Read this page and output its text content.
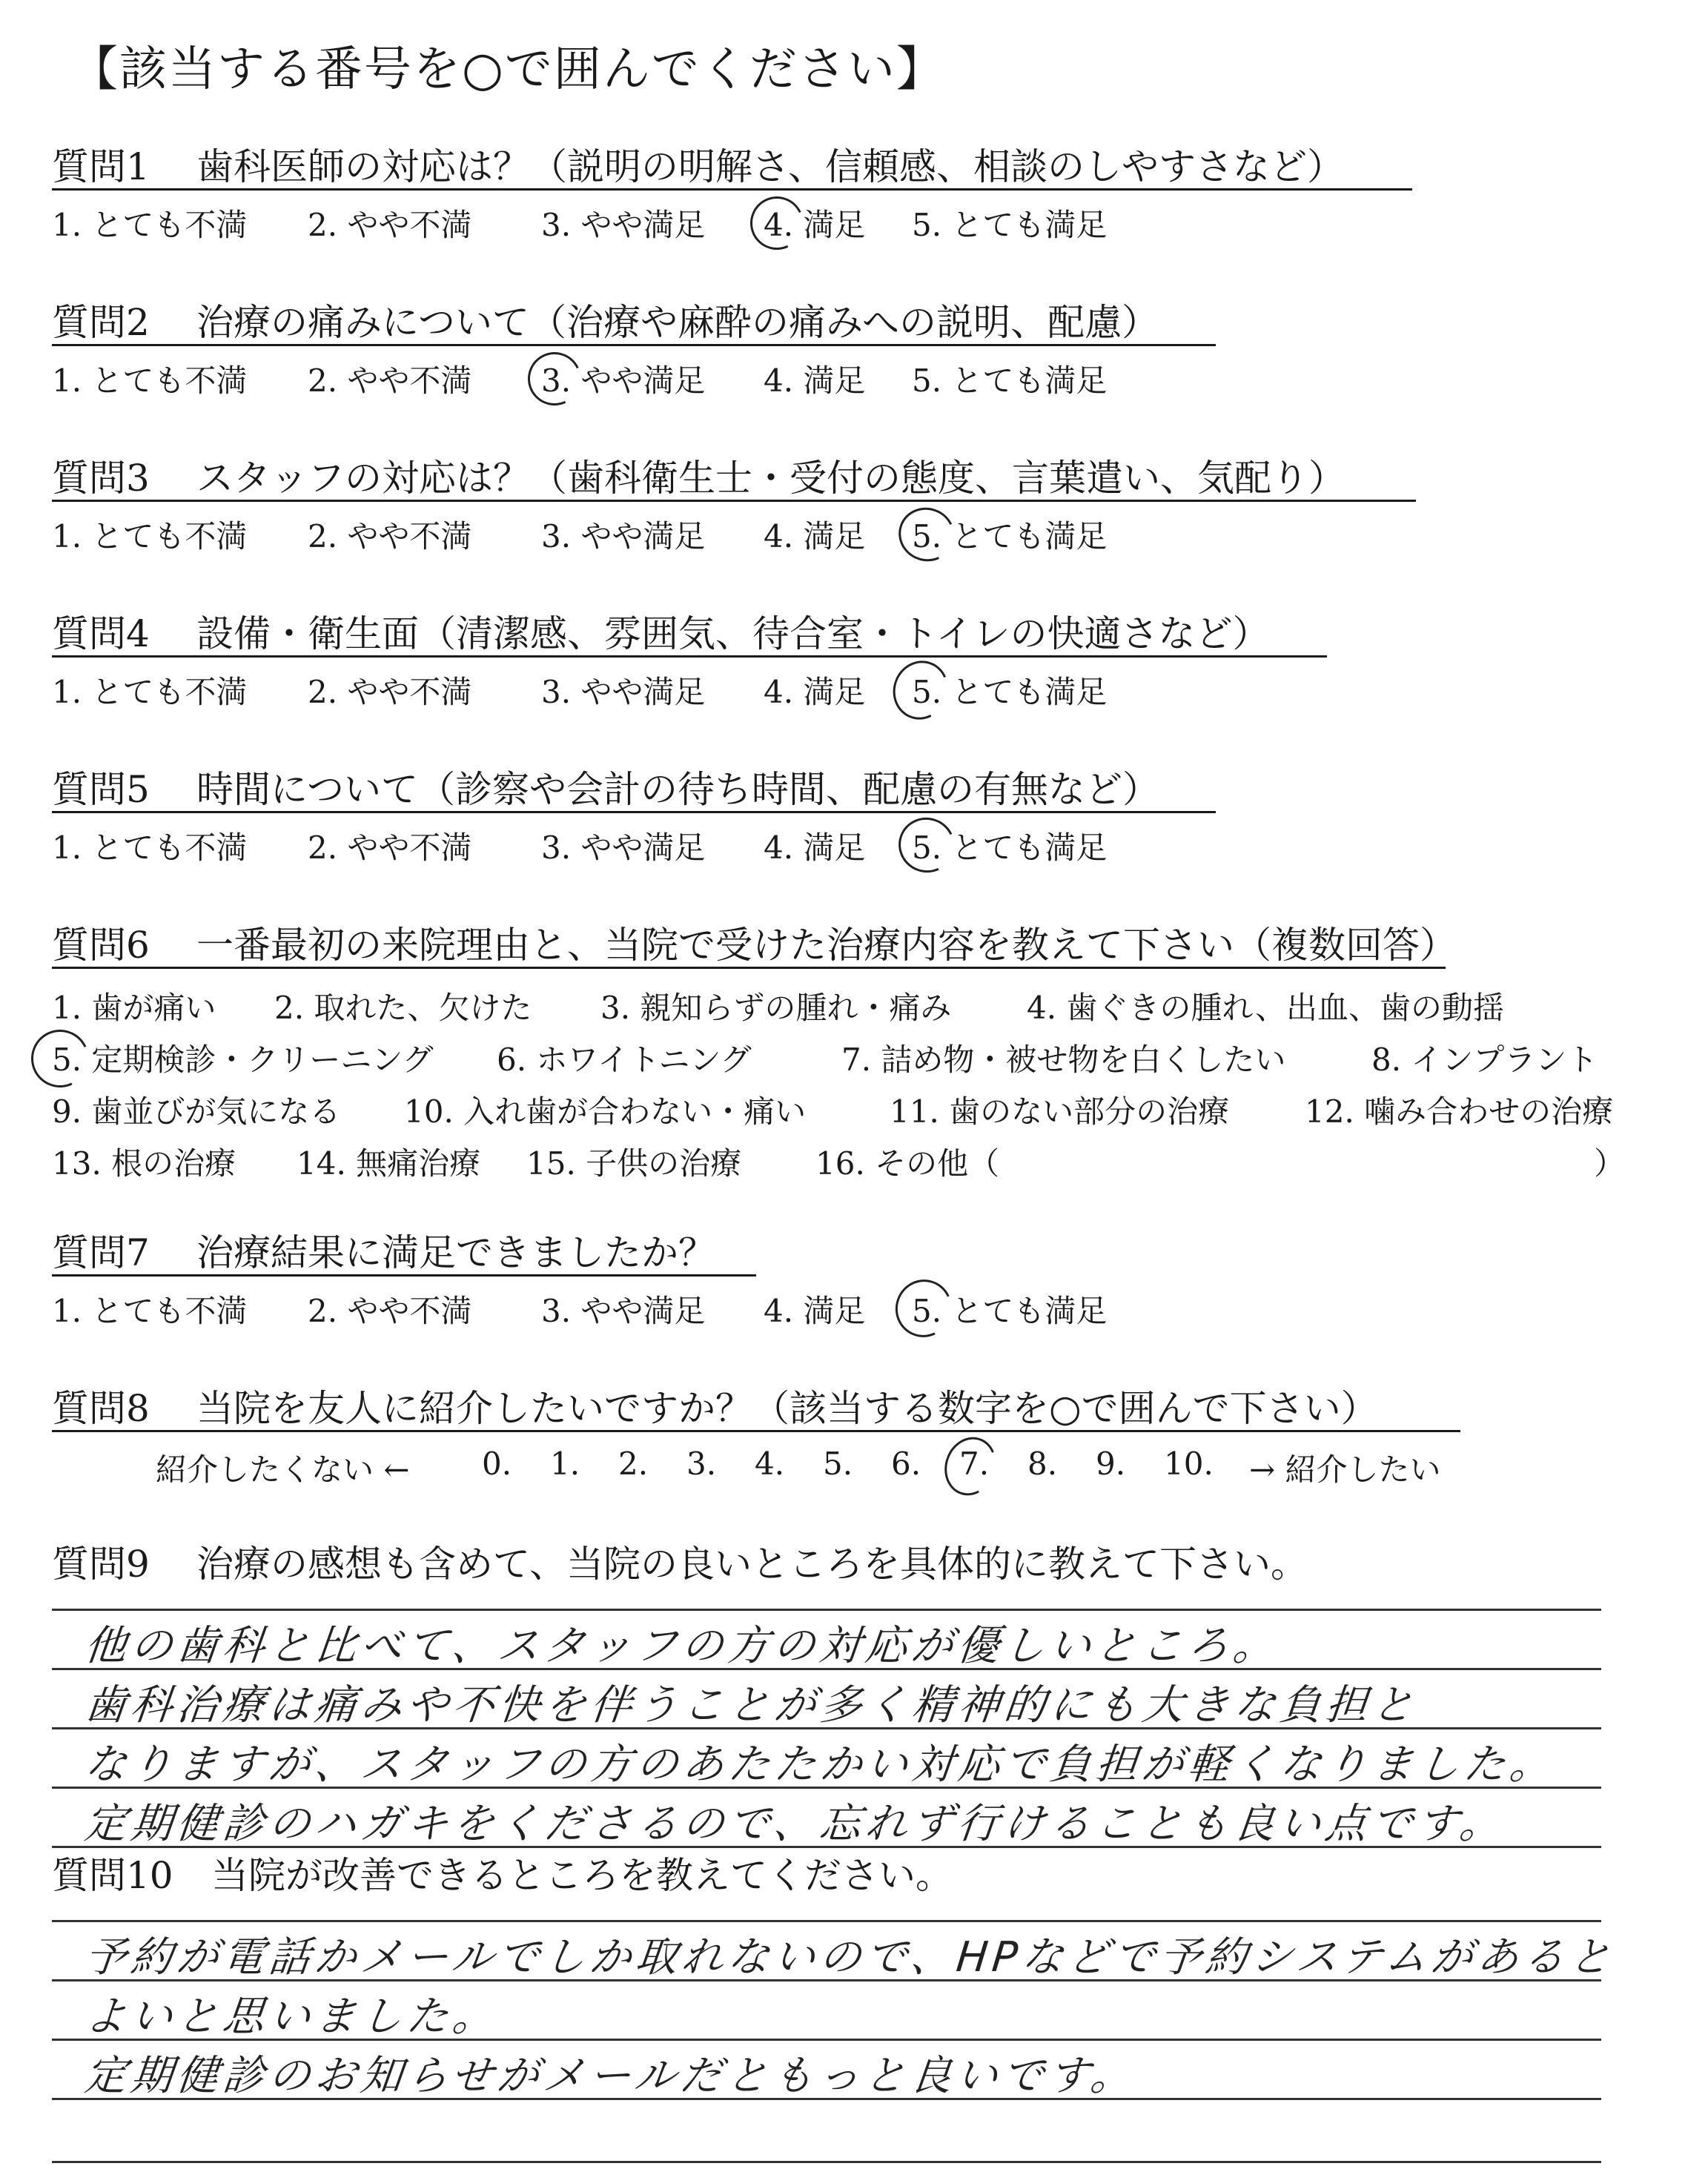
【該当する番号を○で囲んでください】
質問1 歯科医師の対応は？（説明の明解さ、信頼感、相談のしやすさなど）
1. とても不満 2. やや不満 3. やや満足 4. 満足 5. とても満足
質問2 治療の痛みについて（治療や麻酔の痛みへの説明、配慮）
1. とても不満 2. やや不満 3. やや満足 4. 満足 5. とても満足
質問3 スタッフの対応は？（歯科衛生士・受付の態度、言葉遣い、気配り）
1. とても不満 2. やや不満 3. やや満足 4. 満足 5. とても満足
質問4 設備・衛生面（清潔感、雰囲気、待合室・トイレの快適さなど）
1. とても不満 2. やや不満 3. やや満足 4. 満足 5. とても満足
質問5 時間について（診察や会計の待ち時間、配慮の有無など）
1. とても不満 2. やや不満 3. やや満足 4. 満足 5. とても満足
質問6 一番最初の来院理由と、当院で受けた治療内容を教えて下さい（複数回答）
1. 歯が痛い 2. 取れた、欠けた 3. 親知らずの腫れ・痛み 4. 歯ぐきの腫れ、出血、歯の動揺
5. 定期検診・クリーニング 6. ホワイトニング	7. 詰め物・被せ物を白くしたい	8. インプラント
9. 歯並びが気になる 10. 入れ歯が合わない・痛い	11. 歯のない部分の治療 12. 噛み合わせの治療
13. 根の治療 14. 無痛治療 15. 子供の治療 16. その他（	）
質問7 治療結果に満足できましたか？
1. とても不満 2. やや不満 3. やや満足 4. 満足 5. とても満足
質問8 当院を友人に紹介したいですか？（該当する数字を○で囲んで下さい）
紹介したくない ← 0. 1. 2. 3. 4. 5. 6. 7. 8. 9. 10. → 紹介したい
質問9 治療の感想も含めて、当院の良いところを具体的に教えて下さい。
他の歯科と比べて、スタッフの方の対応が優しいところ。
歯科治療は痛みや不快を伴うことが多く精神的にも大きな負担と
なりますが、スタッフの方のあたたかい対応で負担が軽くなりました。
定期健診のハガキをくださるので、忘れず行けることも良い点です。
質問10 当院が改善できるところを教えてください。
予約が電話かメールでしか取れないので、HPなどで予約システムがあると
よいと思いました。
定期健診のお知らせがメールだともっと良いです。
